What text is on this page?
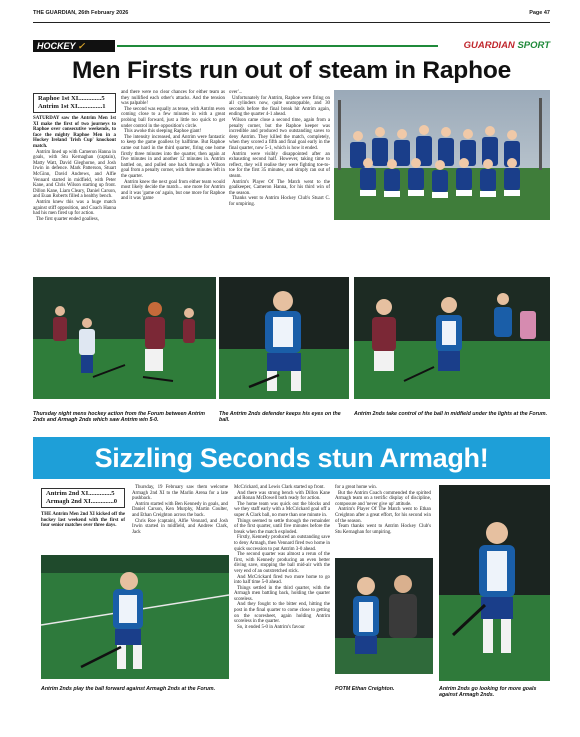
THE GUARDIAN, 26th February 2026	Page 47
HOCKEY ✓	GUARDIAN SPORT
Men Firsts run out of steam in Raphoe
Raphoe 1st XI..............5
Antrim 1st XI...............1

SATURDAY saw the Antrim Men 1st XI make the first of two journeys to Raphoe over consecutive weekends, to face the mighty Raphoe Men in a Hockey Ireland 'Irish Cup' knockout match.

Antrim lined up with Cameron Hanna in goals, with Stu Kernaghan (captain), Matty Watt, David Gleghorne, and Josh Irwin in defence. Mark Patterson, Stuart McGinn, David Andrews, and Alfie Vennard started in midfield, with Peter Kane, and Chris Wilson starting up front. Dillon Kane, Liam Cleary, Daniel Carson, and Euan Roberts filled a healthy bench.

Antrim knew this was a huge match against stiff opposition, and Coach Hanna had his men fired up for action.

The first quarter ended goalless,

and there were no clear chances for either team as they nullified each other's attacks. And the tension was palpable!

The second was equally as tense, with Antrim even coming close to a few minutes in with a great probing ball forward, just a little too quick to get under control in the opposition's circle.

This awoke this sleeping Raphoe giant!

The intensity increased, and Antrim were fantastic to keep the game goalless by halftime. But Raphoe came out hard in the third quarter, firing one home firstly three minutes into the quarter, then again at five minutes in and another 12 minutes in. Antrim battled on, and pulled one back through a Wilson goal from a penalty corner, with three minutes left in the quarter.

Antrim knew the next goal from either team would most likely decide the match... one more for Antrim and it was 'game on' again, but one more for Raphoe and it was 'game

over'...

Unfortunately for Antrim, Raphoe were firing on all cylinders now, quite unstoppable, and 30 seconds before the final break hit Antrim again, ending the quarter 4-1 ahead.

Wilson came close a second time, again from a penalty corner, but the Raphoe keeper was incredible and produced two outstanding saves to deny Antrim. They killed the match, completely, when they scored a fifth and final goal early in the final quarter, now 5-1, which is how it ended.

Antrim were visibly disappointed after an exhausting second half. However, taking time to reflect, they will realise they were fighting toe-to-toe for the first 35 minutes, and simply ran out of steam.

Antrim's Player Of The Match went to the goalkeeper, Cameron Hanna, for his third win of the season.

Thanks went to Antrim Hockey Club's Stuart C. for umpiring.

Thursday night mens hockey action from the Forum between Antrim 2nds and Armagh 2nds which saw Antrim win 5-0.
The Antrim 2nds defender keeps his eyes on the ball.
Antrim 2nds take control of the ball in midfield under the lights at the Forum.
Sizzling Seconds stun Armagh!
Antrim 2nd XI..............5
Armagh 2nd XI..............0

THE Antrim Men 2nd XI kicked off the hockey last weekend with the first of four senior matches over three days.

Thursday, 19 February saw them welcome Armagh 2nd XI to the Marlin Arena for a late pushback.

Antrim started with Ben Kennedy in goals, and Daniel Carson, Ken Murphy, Martin Coulter, and Ethan Creighton across the back.

Chris Roe (captain), Alfie Vennard, and Josh Irwin started in midfield, and Andrew Clark, Jack

McCrickard, and Lewis Clark started up front.

And there was strong bench with Dillon Kane and Ronan McDowell both ready for action.

The home team was quick out the blocks and we they staff early with a McCrickard goal off a super A Clark ball, no more than one minute in.

Things seemed to settle through the remainder of the first quarter, until five minutes before the break when the match exploded.

Firstly, Kennedy produced an outstanding save to deny Armagh, then Vennard fired two home in quick succession to put Antrim 3-0 ahead.

The second quarter was almost a rerun of the first, with Kennedy producing an even better diving save, stopping the ball mid-air with the very end of an outstretched stick.

And McCrickard fired two more home to go into half time 5-0 ahead.

Things settled in the third quarter, with the Armagh men battling back, holding the quarter scoreless.

And they fought to the bitter end, hitting the post in the final quarter to come close to getting on the scoresheet, again holding Antrim scoreless in the quarter.

So, it ended 5-0 in Antrim's favour

for a great home win.

But the Antrim Coach commended the spirited Armagh team on a terrific display of discipline, composure and 'never give up' attitude.

Antrim's Player Of The Match went to Ethan Creighton after a great effort, for his second win of the season.

Team thanks went to Antrim Hockey Club's Stu Kernaghan for umpiring.

Antrim 2nds play the ball forward against Armagh 2nds at the Forum.	POTM Ethan Creighton.	Antrim 2nds go looking for more goals against Armagh 2nds.
